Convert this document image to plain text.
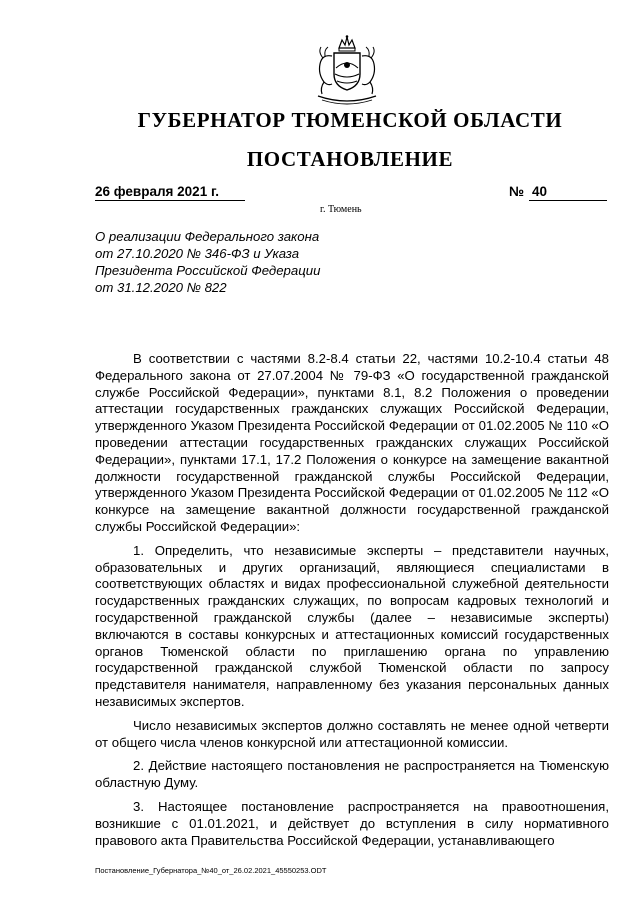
ГУБЕРНАТОР ТЮМЕНСКОЙ ОБЛАСТИ
ПОСТАНОВЛЕНИЕ
26 февраля 2021 г.	№ 40
г. Тюмень
О реализации Федерального закона
от 27.10.2020 № 346-ФЗ и Указа
Президента Российской Федерации
от 31.12.2020 № 822

В соответствии с частями 8.2-8.4 статьи 22, частями 10.2-10.4 статьи 48 Федерального закона от 27.07.2004 № 79-ФЗ «О государственной гражданской службе Российской Федерации», пунктами 8.1, 8.2 Положения о проведении аттестации государственных гражданских служащих Российской Федерации, утвержденного Указом Президента Российской Федерации от 01.02.2005 № 110 «О проведении аттестации государственных гражданских служащих Российской Федерации», пунктами 17.1, 17.2 Положения о конкурсе на замещение вакантной должности государственной гражданской службы Российской Федерации, утвержденного Указом Президента Российской Федерации от 01.02.2005 № 112 «О конкурсе на замещение вакантной должности государственной гражданской службы Российской Федерации»:

1. Определить, что независимые эксперты – представители научных, образовательных и других организаций, являющиеся специалистами в соответствующих областях и видах профессиональной служебной деятельности государственных гражданских служащих, по вопросам кадровых технологий и государственной гражданской службы (далее – независимые эксперты) включаются в составы конкурсных и аттестационных комиссий государственных органов Тюменской области по приглашению органа по управлению государственной гражданской службой Тюменской области по запросу представителя нанимателя, направленному без указания персональных данных независимых экспертов.

Число независимых экспертов должно составлять не менее одной четверти от общего числа членов конкурсной или аттестационной комиссии.

2. Действие настоящего постановления не распространяется на Тюменскую областную Думу.

3. Настоящее постановление распространяется на правоотношения, возникшие с 01.01.2021, и действует до вступления в силу нормативного правового акта Правительства Российской Федерации, устанавливающего

Постановление_Губернатора_№40_от_26.02.2021_45550253.ODT
